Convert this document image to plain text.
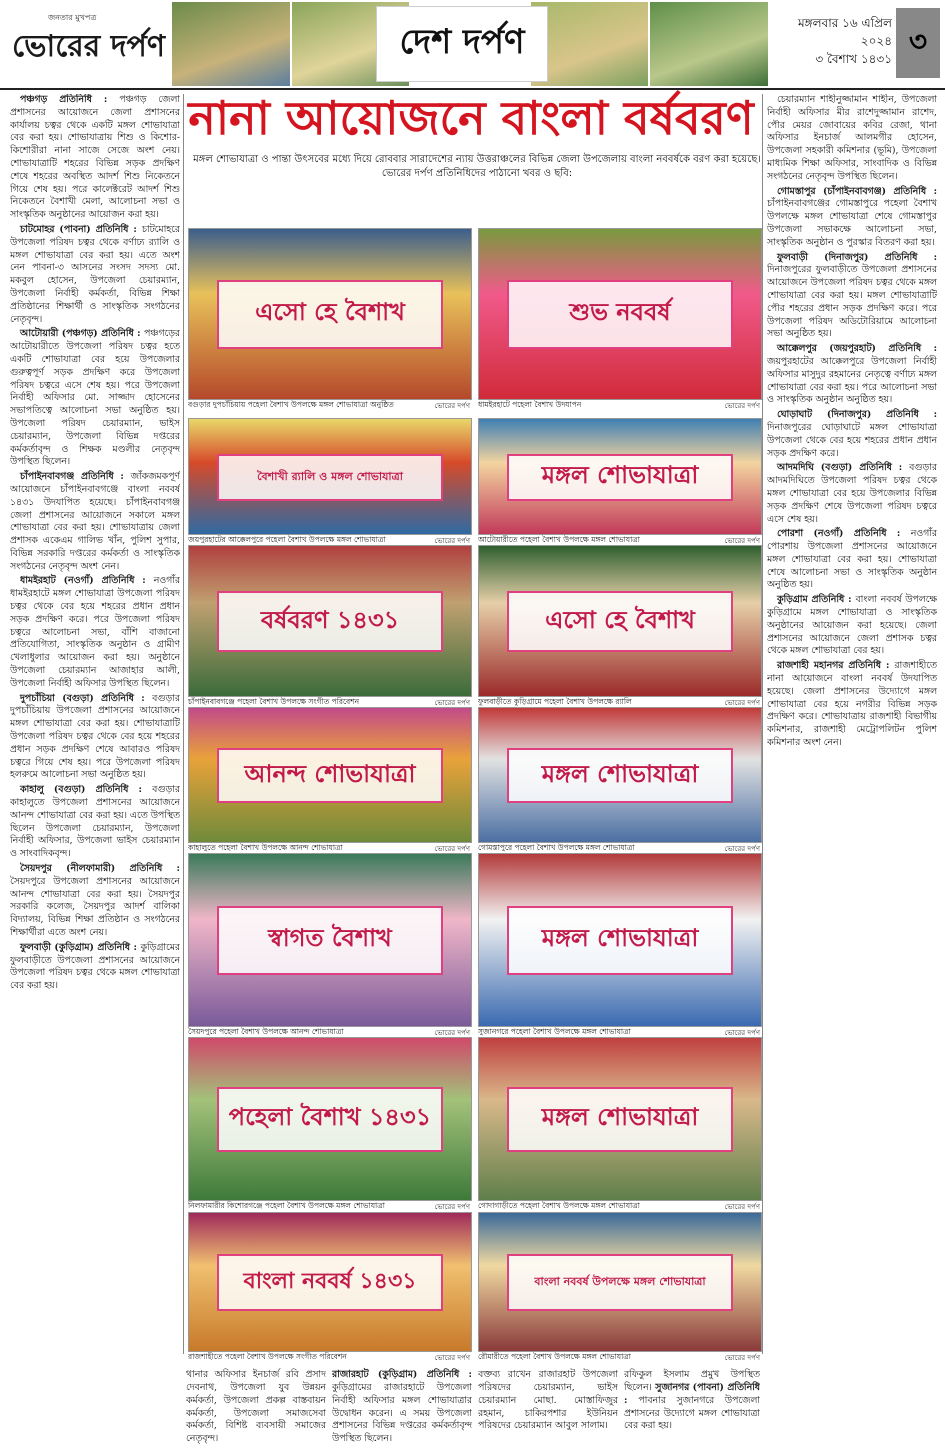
জনতার মুখপত্র
ভোরের দর্পণ	দেশ দর্পণ	মঙ্গলবার ১৬ এপ্রিল ২০২৪
৩ বৈশাখ ১৪৩১
৩

পঞ্চগড় প্রতিনিধি : পঞ্চগড় জেলা প্রশাসনের আয়োজনে জেলা প্রশাসনের কার্যালয় চত্বর থেকে একটি মঙ্গল শোভাযাত্রা বের করা হয়। শোভাযাত্রায় শিশু ও কিশোর-কিশোরীরা নানা সাজে সেজে অংশ নেয়। শোভাযাত্রাটি শহরের বিভিন্ন সড়ক প্রদক্ষিণ শেষে শহরের অবস্থিত আদর্শ শিশু নিকেতনে গিয়ে শেষ হয়। পরে কালেক্টরেট আদর্শ শিশু নিকেতনে বৈশাখী মেলা, আলোচনা সভা ও সাংস্কৃতিক অনুষ্ঠানের আয়োজন করা হয়।

চাটমোহর (পাবনা) প্রতিনিধি : চাটমোহরে উপজেলা পরিষদ চত্বর থেকে বর্ণাঢ্য র‍্যালি ও মঙ্গল শোভাযাত্রা বের করা হয়। এতে অংশ নেন পাবনা-৩ আসনের সংসদ সদস্য মো. মকবুল হোসেন, উপজেলা চেয়ারম্যান, উপজেলা নির্বাহী কর্মকর্তা, বিভিন্ন শিক্ষা প্রতিষ্ঠানের শিক্ষার্থী ও সাংস্কৃতিক সংগঠনের নেতৃবৃন্দ।

আটোয়ারী (পঞ্চগড়) প্রতিনিধি : পঞ্চগড়ের আটোয়ারীতে উপজেলা পরিষদ চত্বর হতে একটি শোভাযাত্রা বের হয়ে উপজেলার গুরুত্বপূর্ণ সড়ক প্রদক্ষিণ করে উপজেলা পরিষদ চত্বরে এসে শেষ হয়। পরে উপজেলা নির্বাহী অফিসার মো. সাজ্জাদ হোসেনের সভাপতিত্বে আলোচনা সভা অনুষ্ঠিত হয়। উপজেলা পরিষদ চেয়ারম্যান, ভাইস চেয়ারম্যান, উপজেলা বিভিন্ন দপ্তরের কর্মকর্তাবৃন্দ ও শিক্ষক মণ্ডলীর নেতৃবৃন্দ উপস্থিত ছিলেন।

চাঁপাইনবাবগঞ্জ প্রতিনিধি : জাঁকজমকপূর্ণ আয়োজনে চাঁপাইনবাবগঞ্জে বাংলা নববর্ষ ১৪৩১ উদযাপিত হয়েছে। চাঁপাইনবাবগঞ্জ জেলা প্রশাসনের আয়োজনে সকালে মঙ্গল শোভাযাত্রা বের করা হয়। শোভাযাত্রায় জেলা প্রশাসক একেএম গালিভ খাঁন, পুলিশ সুপার, বিভিন্ন সরকারি দপ্তরের কর্মকর্তা ও সাংস্কৃতিক সংগঠনের নেতৃবৃন্দ অংশ নেন।

ধামইরহাট (নওগাঁ) প্রতিনিধি : নওগাঁর ধামইরহাটে মঙ্গল শোভাযাত্রা উপজেলা পরিষদ চত্বর থেকে বের হয়ে শহরের প্রধান প্রধান সড়ক প্রদক্ষিণ করে। পরে উপজেলা পরিষদ চত্বরে আলোচনা সভা, বাঁশি বাজানো প্রতিযোগিতা, সাংস্কৃতিক অনুষ্ঠান ও গ্রামীণ খেলাধুলার আয়োজন করা হয়। অনুষ্ঠানে উপজেলা চেয়ারম্যান আজাহার আলী, উপজেলা নির্বাহী অফিসার উপস্থিত ছিলেন।

দুপচাঁচিয়া (বগুড়া) প্রতিনিধি : বগুড়ার দুপচাঁচিয়ায় উপজেলা প্রশাসনের আয়োজনে মঙ্গল শোভাযাত্রা বের করা হয়। শোভাযাত্রাটি উপজেলা পরিষদ চত্বর থেকে বের হয়ে শহরের প্রধান সড়ক প্রদক্ষিণ শেষে আবারও পরিষদ চত্বরে গিয়ে শেষ হয়। পরে উপজেলা পরিষদ হলরুমে আলোচনা সভা অনুষ্ঠিত হয়।

কাহালু (বগুড়া) প্রতিনিধি : বগুড়ার কাহালুতে উপজেলা প্রশাসনের আয়োজনে আনন্দ শোভাযাত্রা বের করা হয়। এতে উপস্থিত ছিলেন উপজেলা চেয়ারম্যান, উপজেলা নির্বাহী অফিসার, উপজেলা ভাইস চেয়ারম্যান ও সাংবাদিকবৃন্দ।

সৈয়দপুর (নীলফামারী) প্রতিনিধি : সৈয়দপুরে উপজেলা প্রশাসনের আয়োজনে আনন্দ শোভাযাত্রা বের করা হয়। সৈয়দপুর সরকারি কলেজ, সৈয়দপুর আদর্শ বালিকা বিদ্যালয়, বিভিন্ন শিক্ষা প্রতিষ্ঠান ও সংগঠনের শিক্ষার্থীরা এতে অংশ নেয়।

ফুলবাড়ী (কুড়িগ্রাম) প্রতিনিধি : কুড়িগ্রামের ফুলবাড়ীতে উপজেলা প্রশাসনের আয়োজনে উপজেলা পরিষদ চত্বর থেকে মঙ্গল শোভাযাত্রা বের করা হয়।

নানা আয়োজনে বাংলা বর্ষবরণ
মঙ্গল শোভাযাত্রা ও পান্তা উৎসবের মধ্যে দিয়ে রোববার সারাদেশের ন্যায় উত্তরাঞ্চলের বিভিন্ন জেলা উপজেলায় বাংলা নববর্ষকে বরণ করা হয়েছে। ভোরের দর্পণ প্রতিনিধিদের পাঠানো খবর ও ছবি:
এসো হে বৈশাখ
বগুড়ার দুপচাঁচিয়ায় পহেলা বৈশাখ উপলক্ষে মঙ্গল শোভাযাত্রা অনুষ্ঠিত	ভোরের দর্পণ
শুভ নববর্ষ
ধামইরহাটে পহেলা বৈশাখ উদযাপন	ভোরের দর্পণ
বৈশাখী র‍্যালি ও মঙ্গল শোভাযাত্রা
জয়পুরহাটের আক্কেলপুরে পহেলা বৈশাখ উপলক্ষে মঙ্গল শোভাযাত্রা	ভোরের দর্পণ
মঙ্গল শোভাযাত্রা
আটোয়ারীতে পহেলা বৈশাখ উপলক্ষে মঙ্গল শোভাযাত্রা	ভোরের দর্পণ
বর্ষবরণ ১৪৩১
চাঁপাইনবাবগঞ্জে পহেলা বৈশাখ উপলক্ষে সংগীত পরিবেশন	ভোরের দর্পণ
এসো হে বৈশাখ
ফুলবাড়ীতে কুড়িগ্রামে পহেলা বৈশাখ উপলক্ষে র‍্যালি	ভোরের দর্পণ
আনন্দ শোভাযাত্রা
কাহালুতে পহেলা বৈশাখ উপলক্ষে আনন্দ শোভাযাত্রা	ভোরের দর্পণ
মঙ্গল শোভাযাত্রা
গোমস্তাপুরে পহেলা বৈশাখ উপলক্ষে মঙ্গল শোভাযাত্রা	ভোরের দর্পণ
স্বাগত বৈশাখ
সৈয়দপুরে পহেলা বৈশাখ উপলক্ষে আনন্দ শোভাযাত্রা	ভোরের দর্পণ
মঙ্গল শোভাযাত্রা
সুজানগরে পহেলা বৈশাখ উপলক্ষে মঙ্গল শোভাযাত্রা	ভোরের দর্পণ
পহেলা বৈশাখ ১৪৩১
নিলফামারীর কিশোরগঞ্জে পহেলা বৈশাখ উপলক্ষে মঙ্গল শোভাযাত্রা	ভোরের দর্পণ
মঙ্গল শোভাযাত্রা
গোদাগাড়ীতে পহেলা বৈশাখ উপলক্ষে মঙ্গল শোভাযাত্রা	ভোরের দর্পণ
বাংলা নববর্ষ ১৪৩১
রাজশাহীতে পহেলা বৈশাখ উপলক্ষে সংগীত পরিবেশন	ভোরের দর্পণ
বাংলা নববর্ষ উপলক্ষে মঙ্গল শোভাযাত্রা
রৌমারীতে পহেলা বৈশাখ উপলক্ষে মঙ্গল শোভাযাত্রা	ভোরের দর্পণ

চেয়ারম্যান শাহীনুজ্জামান শাহীন, উপজেলা নির্বাহী অফিসার মীর রাশেদুজ্জামান রাশেদ, পৌর মেয়র জোবায়ের কবির রেজা, থানা অফিসার ইনচার্জ আলমগীর হোসেন, উপজেলা সহকারী কমিশনার (ভূমি), উপজেলা মাধ্যমিক শিক্ষা অফিসার, সাংবাদিক ও বিভিন্ন সংগঠনের নেতৃবৃন্দ উপস্থিত ছিলেন।

গোমস্তাপুর (চাঁপাইনবাবগঞ্জ) প্রতিনিধি : চাঁপাইনবাবগঞ্জের গোমস্তাপুরে পহেলা বৈশাখ উপলক্ষে মঙ্গল শোভাযাত্রা শেষে গোমস্তাপুর উপজেলা সভাকক্ষে আলোচনা সভা, সাংস্কৃতিক অনুষ্ঠান ও পুরস্কার বিতরণ করা হয়।

ফুলবাড়ী (দিনাজপুর) প্রতিনিধি : দিনাজপুরের ফুলবাড়ীতে উপজেলা প্রশাসনের আয়োজনে উপজেলা পরিষদ চত্বর থেকে মঙ্গল শোভাযাত্রা বের করা হয়। মঙ্গল শোভাযাত্রাটি পৌর শহরের প্রধান সড়ক প্রদক্ষিণ করে। পরে উপজেলা পরিষদ অডিটোরিয়ামে আলোচনা সভা অনুষ্ঠিত হয়।

আক্কেলপুর (জয়পুরহাট) প্রতিনিধি : জয়পুরহাটের আক্কেলপুরে উপজেলা নির্বাহী অফিসার মাসুদুর রহমানের নেতৃত্বে বর্ণাঢ্য মঙ্গল শোভাযাত্রা বের করা হয়। পরে আলোচনা সভা ও সাংস্কৃতিক অনুষ্ঠান অনুষ্ঠিত হয়।

ঘোড়াঘাট (দিনাজপুর) প্রতিনিধি : দিনাজপুরের ঘোড়াঘাটে মঙ্গল শোভাযাত্রা উপজেলা থেকে বের হয়ে শহরের প্রধান প্রধান সড়ক প্রদক্ষিণ করে।

আদমদিঘি (বগুড়া) প্রতিনিধি : বগুড়ার আদমদিঘিতে উপজেলা পরিষদ চত্বর থেকে মঙ্গল শোভাযাত্রা বের হয়ে উপজেলার বিভিন্ন সড়ক প্রদক্ষিণ শেষে উপজেলা পরিষদ চত্বরে এসে শেষ হয়।

পোরশা (নওগাঁ) প্রতিনিধি : নওগাঁর পোরশায় উপজেলা প্রশাসনের আয়োজনে মঙ্গল শোভাযাত্রা বের করা হয়। শোভাযাত্রা শেষে আলোচনা সভা ও সাংস্কৃতিক অনুষ্ঠান অনুষ্ঠিত হয়।

কুড়িগ্রাম প্রতিনিধি : বাংলা নববর্ষ উপলক্ষে কুড়িগ্রামে মঙ্গল শোভাযাত্রা ও সাংস্কৃতিক অনুষ্ঠানের আয়োজন করা হয়েছে। জেলা প্রশাসনের আয়োজনে জেলা প্রশাসক চত্বর থেকে মঙ্গল শোভাযাত্রা বের হয়।

রাজশাহী মহানগর প্রতিনিধি : রাজশাহীতে নানা আয়োজনে বাংলা নববর্ষ উদযাপিত হয়েছে। জেলা প্রশাসনের উদ্যোগে মঙ্গল শোভাযাত্রা বের হয়ে নগরীর বিভিন্ন সড়ক প্রদক্ষিণ করে। শোভাযাত্রায় রাজশাহী বিভাগীয় কমিশনার, রাজশাহী মেট্রোপলিটন পুলিশ কমিশনার অংশ নেন।

থানার অফিসার ইনচার্জ রবি প্রসাদ দেবনাথ, উপজেলা যুব উন্নয়ন কর্মকর্তা, উপজেলা প্রকল্প বাস্তবায়ন কর্মকর্তা, উপজেলা সমাজসেবা কর্মকর্তা, বিশিষ্ট ব্যবসায়ী সমাজের নেতৃবৃন্দ।

রাজারহাট (কুড়িগ্রাম) প্রতিনিধি : কুড়িগ্রামের রাজারহাটে উপজেলা নির্বাহী অফিসার মঙ্গল শোভাযাত্রার উদ্বোধন করেন। এ সময় উপজেলা প্রশাসনের বিভিন্ন দপ্তরের কর্মকর্তাবৃন্দ উপস্থিত ছিলেন।

বক্তব্য রাখেন রাজারহাট উপজেলা পরিষদের চেয়ারম্যান, ভাইস চেয়ারম্যান মোছা. মোস্তাফিজুর রহমান, চাকিরপশার ইউনিয়ন পরিষদের চেয়ারম্যান আবুল সালাম।

রফিকুল ইসলাম প্রমুখ উপস্থিত ছিলেন। সুজানগর (পাবনা) প্রতিনিধি : পাবনার সুজানগরে উপজেলা প্রশাসনের উদ্যোগে মঙ্গল শোভাযাত্রা বের করা হয়।
